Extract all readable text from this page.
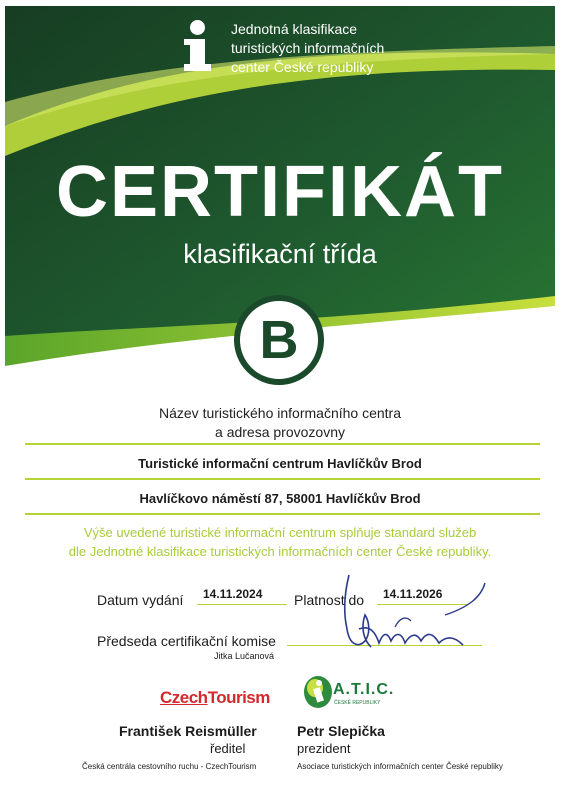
Jednotná klasifikace
turistických informačních
center České republiky
CERTIFIKÁT
klasifikační třída
B
Název turistického informačního centra
a adresa provozovny
Turistické informační centrum Havlíčkův Brod
Havlíčkovo náměstí 87, 58001 Havlíčkův Brod
Výše uvedené turistické informační centrum splňuje standard služeb
dle Jednotné klasifikace turistických informačních center České republiky.
Datum vydání 14.11.2024 Platnost do 14.11.2026
Předseda certifikační komise
Jitka Lučanová
CzechTourism	A.T.I.C.
ČESKÉ REPUBLIKY
František Reismüller
ředitel
Česká centrála cestovního ruchu - CzechTourism
Petr Slepička
prezident
Asociace turistických informačních center České republiky
